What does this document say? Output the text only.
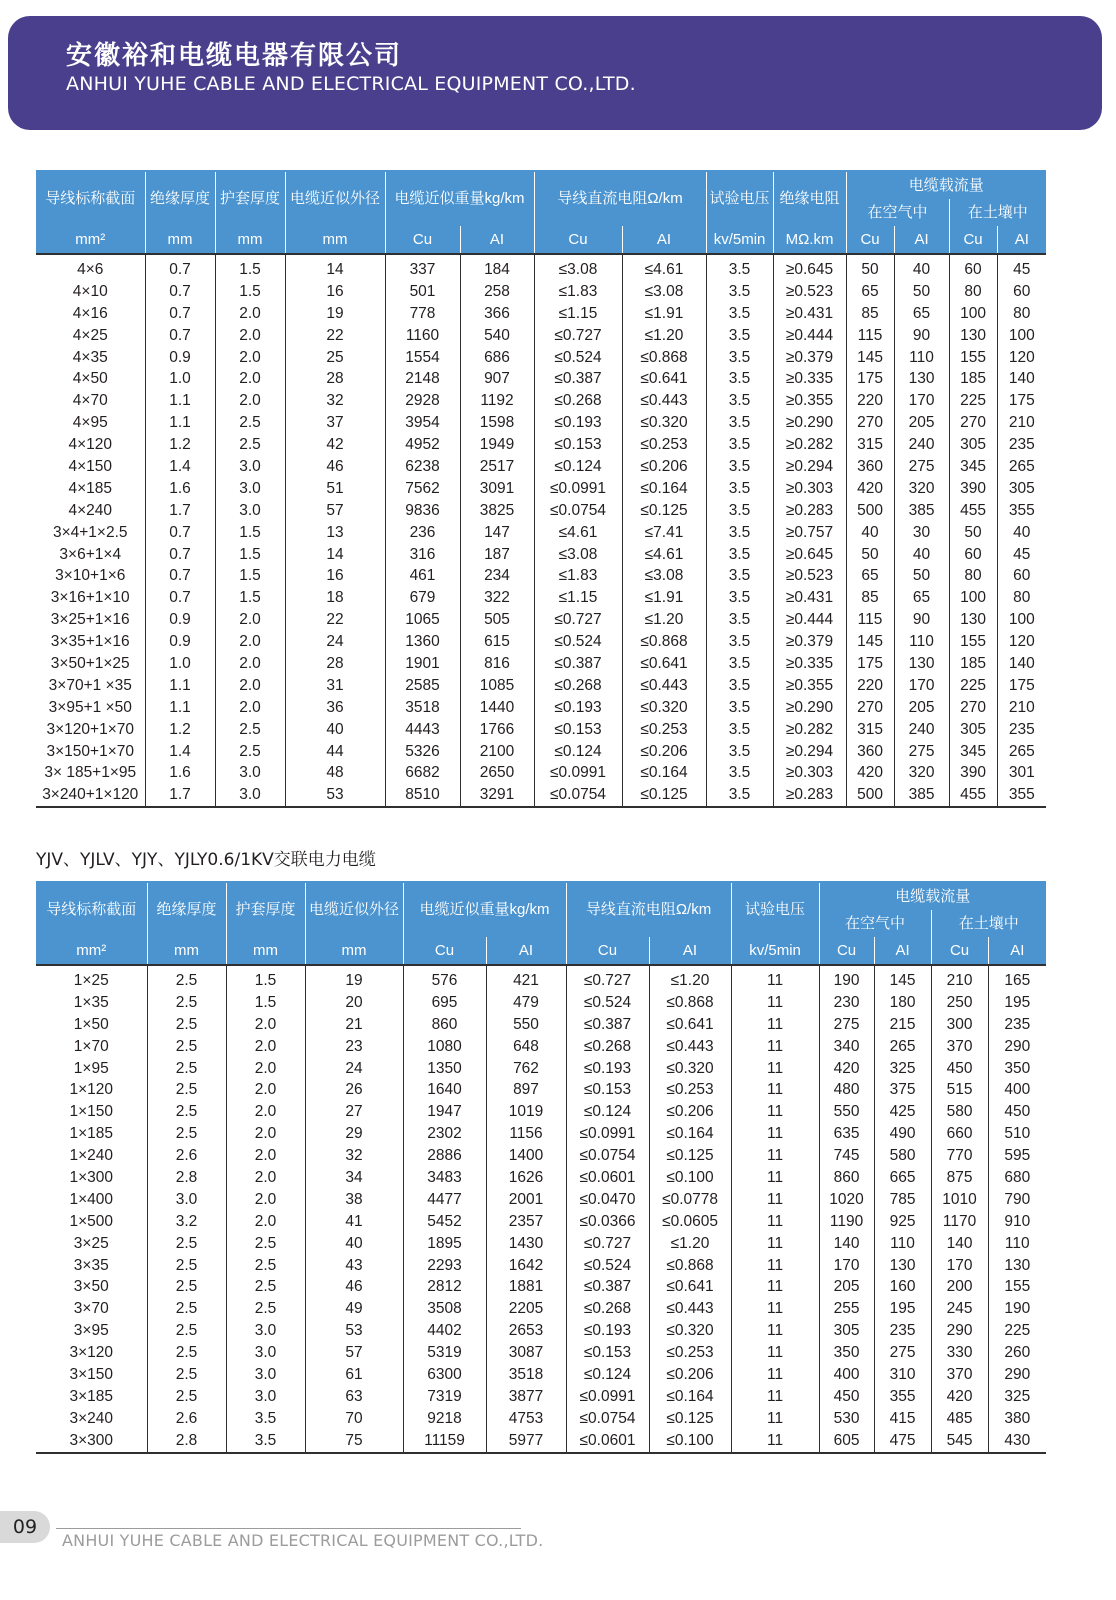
安徽裕和电缆电器有限公司
ANHUI YUHE CABLE AND ELECTRICAL EQUIPMENT CO.,LTD.
导线标称截面	绝缘厚度	护套厚度	电缆近似外径	电缆近似重量kg/km		导线直流电阻Ω/km		试验电压	绝缘电阻	电缆载流量			
										在空气中		在土壤中	
mm²	mm	mm	mm	Cu	AI	Cu	AI	kv/5min	MΩ.km	Cu	AI	Cu	AI
4×6	0.7	1.5	14	337	184	≤3.08	≤4.61	3.5	≥0.645	50	40	60	45
4×10	0.7	1.5	16	501	258	≤1.83	≤3.08	3.5	≥0.523	65	50	80	60
4×16	0.7	2.0	19	778	366	≤1.15	≤1.91	3.5	≥0.431	85	65	100	80
4×25	0.7	2.0	22	1160	540	≤0.727	≤1.20	3.5	≥0.444	115	90	130	100
4×35	0.9	2.0	25	1554	686	≤0.524	≤0.868	3.5	≥0.379	145	110	155	120
4×50	1.0	2.0	28	2148	907	≤0.387	≤0.641	3.5	≥0.335	175	130	185	140
4×70	1.1	2.0	32	2928	1192	≤0.268	≤0.443	3.5	≥0.355	220	170	225	175
4×95	1.1	2.5	37	3954	1598	≤0.193	≤0.320	3.5	≥0.290	270	205	270	210
4×120	1.2	2.5	42	4952	1949	≤0.153	≤0.253	3.5	≥0.282	315	240	305	235
4×150	1.4	3.0	46	6238	2517	≤0.124	≤0.206	3.5	≥0.294	360	275	345	265
4×185	1.6	3.0	51	7562	3091	≤0.0991	≤0.164	3.5	≥0.303	420	320	390	305
4×240	1.7	3.0	57	9836	3825	≤0.0754	≤0.125	3.5	≥0.283	500	385	455	355
3×4+1×2.5	0.7	1.5	13	236	147	≤4.61	≤7.41	3.5	≥0.757	40	30	50	40
3×6+1×4	0.7	1.5	14	316	187	≤3.08	≤4.61	3.5	≥0.645	50	40	60	45
3×10+1×6	0.7	1.5	16	461	234	≤1.83	≤3.08	3.5	≥0.523	65	50	80	60
3×16+1×10	0.7	1.5	18	679	322	≤1.15	≤1.91	3.5	≥0.431	85	65	100	80
3×25+1×16	0.9	2.0	22	1065	505	≤0.727	≤1.20	3.5	≥0.444	115	90	130	100
3×35+1×16	0.9	2.0	24	1360	615	≤0.524	≤0.868	3.5	≥0.379	145	110	155	120
3×50+1×25	1.0	2.0	28	1901	816	≤0.387	≤0.641	3.5	≥0.335	175	130	185	140
3×70+1 ×35	1.1	2.0	31	2585	1085	≤0.268	≤0.443	3.5	≥0.355	220	170	225	175
3×95+1 ×50	1.1	2.0	36	3518	1440	≤0.193	≤0.320	3.5	≥0.290	270	205	270	210
3×120+1×70	1.2	2.5	40	4443	1766	≤0.153	≤0.253	3.5	≥0.282	315	240	305	235
3×150+1×70	1.4	2.5	44	5326	2100	≤0.124	≤0.206	3.5	≥0.294	360	275	345	265
3× 185+1×95	1.6	3.0	48	6682	2650	≤0.0991	≤0.164	3.5	≥0.303	420	320	390	301
3×240+1×120	1.7	3.0	53	8510	3291	≤0.0754	≤0.125	3.5	≥0.283	500	385	455	355
YJV、YJLV、YJY、YJLY0.6/1KV交联电力电缆
导线标称截面	绝缘厚度	护套厚度	电缆近似外径	电缆近似重量kg/km		导线直流电阻Ω/km		试验电压	电缆载流量			
									在空气中		在土壤中	
mm²	mm	mm	mm	Cu	AI	Cu	AI	kv/5min	Cu	AI	Cu	AI
1×25	2.5	1.5	19	576	421	≤0.727	≤1.20	11	190	145	210	165
1×35	2.5	1.5	20	695	479	≤0.524	≤0.868	11	230	180	250	195
1×50	2.5	2.0	21	860	550	≤0.387	≤0.641	11	275	215	300	235
1×70	2.5	2.0	23	1080	648	≤0.268	≤0.443	11	340	265	370	290
1×95	2.5	2.0	24	1350	762	≤0.193	≤0.320	11	420	325	450	350
1×120	2.5	2.0	26	1640	897	≤0.153	≤0.253	11	480	375	515	400
1×150	2.5	2.0	27	1947	1019	≤0.124	≤0.206	11	550	425	580	450
1×185	2.5	2.0	29	2302	1156	≤0.0991	≤0.164	11	635	490	660	510
1×240	2.6	2.0	32	2886	1400	≤0.0754	≤0.125	11	745	580	770	595
1×300	2.8	2.0	34	3483	1626	≤0.0601	≤0.100	11	860	665	875	680
1×400	3.0	2.0	38	4477	2001	≤0.0470	≤0.0778	11	1020	785	1010	790
1×500	3.2	2.0	41	5452	2357	≤0.0366	≤0.0605	11	1190	925	1170	910
3×25	2.5	2.5	40	1895	1430	≤0.727	≤1.20	11	140	110	140	110
3×35	2.5	2.5	43	2293	1642	≤0.524	≤0.868	11	170	130	170	130
3×50	2.5	2.5	46	2812	1881	≤0.387	≤0.641	11	205	160	200	155
3×70	2.5	2.5	49	3508	2205	≤0.268	≤0.443	11	255	195	245	190
3×95	2.5	3.0	53	4402	2653	≤0.193	≤0.320	11	305	235	290	225
3×120	2.5	3.0	57	5319	3087	≤0.153	≤0.253	11	350	275	330	260
3×150	2.5	3.0	61	6300	3518	≤0.124	≤0.206	11	400	310	370	290
3×185	2.5	3.0	63	7319	3877	≤0.0991	≤0.164	11	450	355	420	325
3×240	2.6	3.5	70	9218	4753	≤0.0754	≤0.125	11	530	415	485	380
3×300	2.8	3.5	75	11159	5977	≤0.0601	≤0.100	11	605	475	545	430
09
ANHUI YUHE CABLE AND ELECTRICAL EQUIPMENT CO.,LTD.
